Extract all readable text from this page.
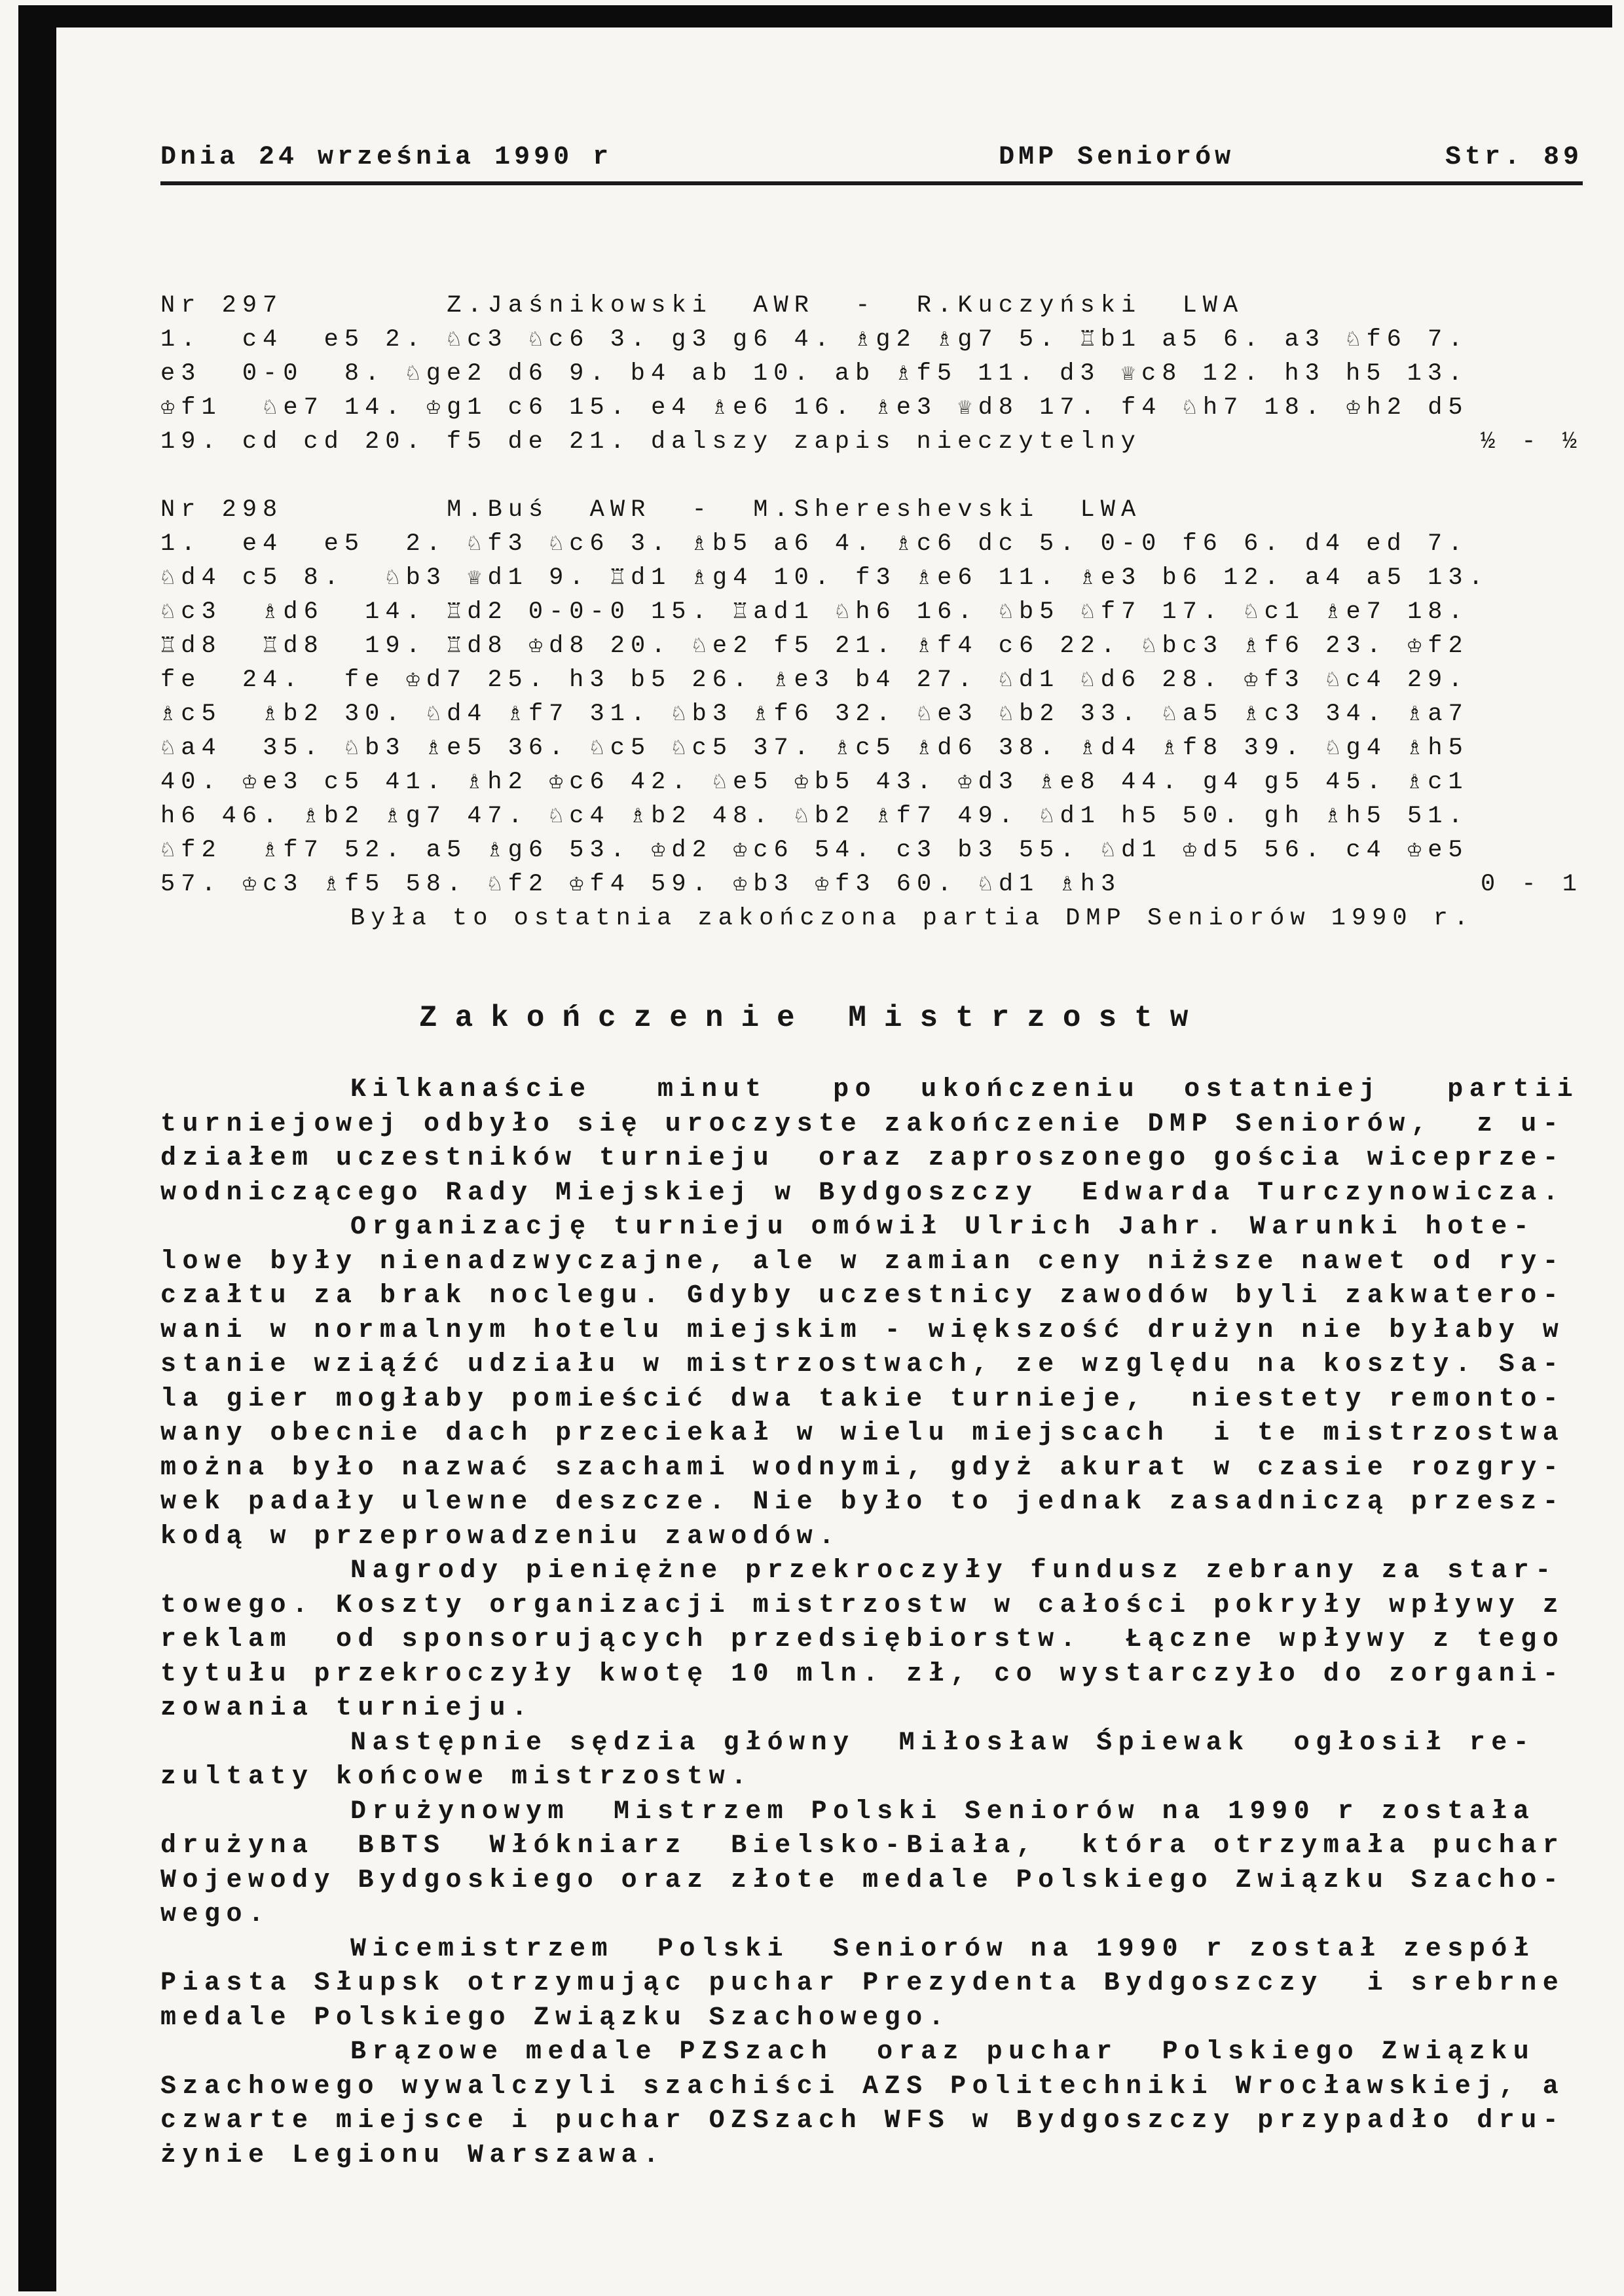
Dnia 24 września 1990 r	DMP Seniorów	Str. 89
Nr 297	Z.Jaśnikowski  AWR  -  R.Kuczyński  LWA
1.  c4  e5 2. ♘c3 ♘c6 3. g3 g6 4. ♗g2 ♗g7 5. ♖b1 a5 6. a3 ♘f6 7.
e3  0-0  8. ♘ge2 d6 9. b4 ab 10. ab ♗f5 11. d3 ♕c8 12. h3 h5 13.
♔f1  ♘e7 14. ♔g1 c6 15. e4 ♗e6 16. ♗e3 ♕d8 17. f4 ♘h7 18. ♔h2 d5
19. cd cd 20. f5 de 21. dalszy zapis nieczytelny	½ - ½
Nr 298	M.Buś  AWR  -  M.Shereshevski  LWA
1.  e4  e5  2. ♘f3 ♘c6 3. ♗b5 a6 4. ♗c6 dc 5. 0-0 f6 6. d4 ed 7.
♘d4 c5 8.  ♘b3 ♕d1 9. ♖d1 ♗g4 10. f3 ♗e6 11. ♗e3 b6 12. a4 a5 13.
♘c3  ♗d6  14. ♖d2 0-0-0 15. ♖ad1 ♘h6 16. ♘b5 ♘f7 17. ♘c1 ♗e7 18.
♖d8  ♖d8  19. ♖d8 ♔d8 20. ♘e2 f5 21. ♗f4 c6 22. ♘bc3 ♗f6 23. ♔f2
fe  24.  fe ♔d7 25. h3 b5 26. ♗e3 b4 27. ♘d1 ♘d6 28. ♔f3 ♘c4 29.
♗c5  ♗b2 30. ♘d4 ♗f7 31. ♘b3 ♗f6 32. ♘e3 ♘b2 33. ♘a5 ♗c3 34. ♗a7
♘a4  35. ♘b3 ♗e5 36. ♘c5 ♘c5 37. ♗c5 ♗d6 38. ♗d4 ♗f8 39. ♘g4 ♗h5
40. ♔e3 c5 41. ♗h2 ♔c6 42. ♘e5 ♔b5 43. ♔d3 ♗e8 44. g4 g5 45. ♗c1
h6 46. ♗b2 ♗g7 47. ♘c4 ♗b2 48. ♘b2 ♗f7 49. ♘d1 h5 50. gh ♗h5 51.
♘f2  ♗f7 52. a5 ♗g6 53. ♔d2 ♔c6 54. c3 b3 55. ♘d1 ♔d5 56. c4 ♔e5
57. ♔c3 ♗f5 58. ♘f2 ♔f4 59. ♔b3 ♔f3 60. ♘d1 ♗h3	0 - 1
Była to ostatnia zakończona partia DMP Seniorów 1990 r.
Zakończenie Mistrzostw
Kilkanaście   minut   po  ukończeniu  ostatniej   partii
turniejowej odbyło się uroczyste zakończenie DMP Seniorów,  z u-
działem uczestników turnieju  oraz zaproszonego gościa wiceprze-
wodniczącego Rady Miejskiej w Bydgoszczy  Edwarda Turczynowicza.
Organizację turnieju omówił Ulrich Jahr. Warunki hote-
lowe były nienadzwyczajne, ale w zamian ceny niższe nawet od ry-
czałtu za brak noclegu. Gdyby uczestnicy zawodów byli zakwatero-
wani w normalnym hotelu miejskim - większość drużyn nie byłaby w
stanie wziąźć udziału w mistrzostwach, ze względu na koszty. Sa-
la gier mogłaby pomieścić dwa takie turnieje,  niestety remonto-
wany obecnie dach przeciekał w wielu miejscach  i te mistrzostwa
można było nazwać szachami wodnymi, gdyż akurat w czasie rozgry-
wek padały ulewne deszcze. Nie było to jednak zasadniczą przesz-
kodą w przeprowadzeniu zawodów.
Nagrody pieniężne przekroczyły fundusz zebrany za star-
towego. Koszty organizacji mistrzostw w całości pokryły wpływy z
reklam  od sponsorujących przedsiębiorstw.  Łączne wpływy z tego
tytułu przekroczyły kwotę 10 mln. zł, co wystarczyło do zorgani-
zowania turnieju.
Następnie sędzia główny  Miłosław Śpiewak  ogłosił re-
zultaty końcowe mistrzostw.
Drużynowym  Mistrzem Polski Seniorów na 1990 r została
drużyna  BBTS  Włókniarz  Bielsko-Biała,  która otrzymała puchar
Wojewody Bydgoskiego oraz złote medale Polskiego Związku Szacho-
wego.
Wicemistrzem  Polski  Seniorów na 1990 r został zespół
Piasta Słupsk otrzymując puchar Prezydenta Bydgoszczy  i srebrne
medale Polskiego Związku Szachowego.
Brązowe medale PZSzach  oraz puchar  Polskiego Związku
Szachowego wywalczyli szachiści AZS Politechniki Wrocławskiej, a
czwarte miejsce i puchar OZSzach WFS w Bydgoszczy przypadło dru-
żynie Legionu Warszawa.
